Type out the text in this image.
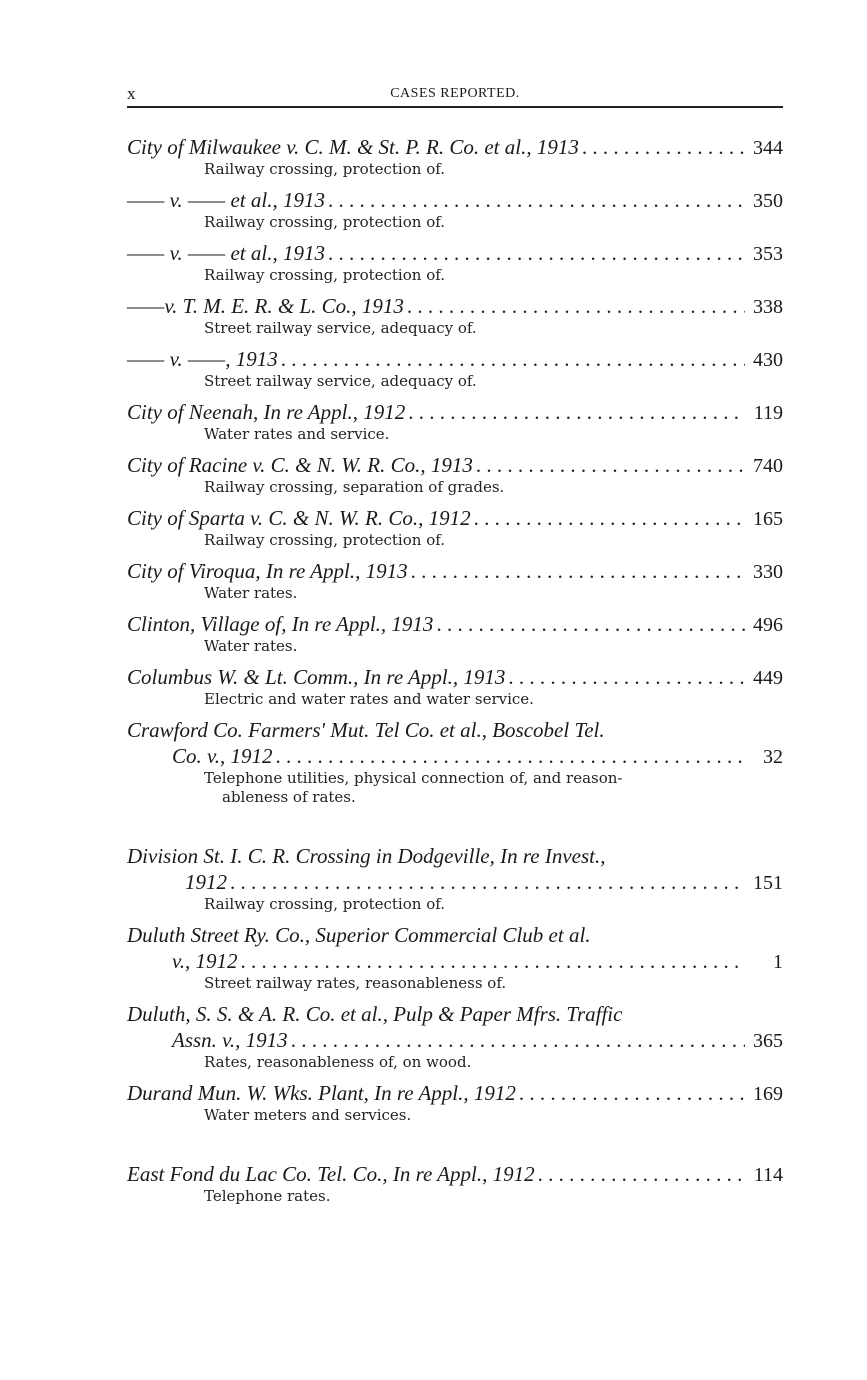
x	CASES REPORTED.
City of Milwaukee v. C. M. & St. P. R. Co. et al., 1913 . . .	344
Railway crossing, protection of.
—— v. —— et al., 1913 . . .	350
Railway crossing, protection of.
—— v. —— et al., 1913 . . .	353
Railway crossing, protection of.
——v. T. M. E. R. & L. Co., 1913 . . .	338
Street railway service, adequacy of.
—— v. ——, 1913 . . .	430
Street railway service, adequacy of.
City of Neenah, In re Appl., 1912 . . .	119
Water rates and service.
City of Racine v. C. & N. W. R. Co., 1913 . . .	740
Railway crossing, separation of grades.
City of Sparta v. C. & N. W. R. Co., 1912 . . .	165
Railway crossing, protection of.
City of Viroqua, In re Appl., 1913 . . .	330
Water rates.
Clinton, Village of, In re Appl., 1913 . . .	496
Water rates.
Columbus W. & Lt. Comm., In re Appl., 1913 . . .	449
Electric and water rates and water service.
Crawford Co. Farmers' Mut. Tel Co. et al., Boscobel Tel.
Co. v., 1912 . . .	32
Telephone utilities, physical connection of, and reason-
ableness of rates.
Division St. I. C. R. Crossing in Dodgeville, In re Invest.,
1912 . . .	151
Railway crossing, protection of.
Duluth Street Ry. Co., Superior Commercial Club et al.
v., 1912 . . .	1
Street railway rates, reasonableness of.
Duluth, S. S. & A. R. Co. et al., Pulp & Paper Mfrs. Traffic
Assn. v., 1913 . . .	365
Rates, reasonableness of, on wood.
Durand Mun. W. Wks. Plant, In re Appl., 1912 . . .	169
Water meters and services.
East Fond du Lac Co. Tel. Co., In re Appl., 1912 . . .	114
Telephone rates.
